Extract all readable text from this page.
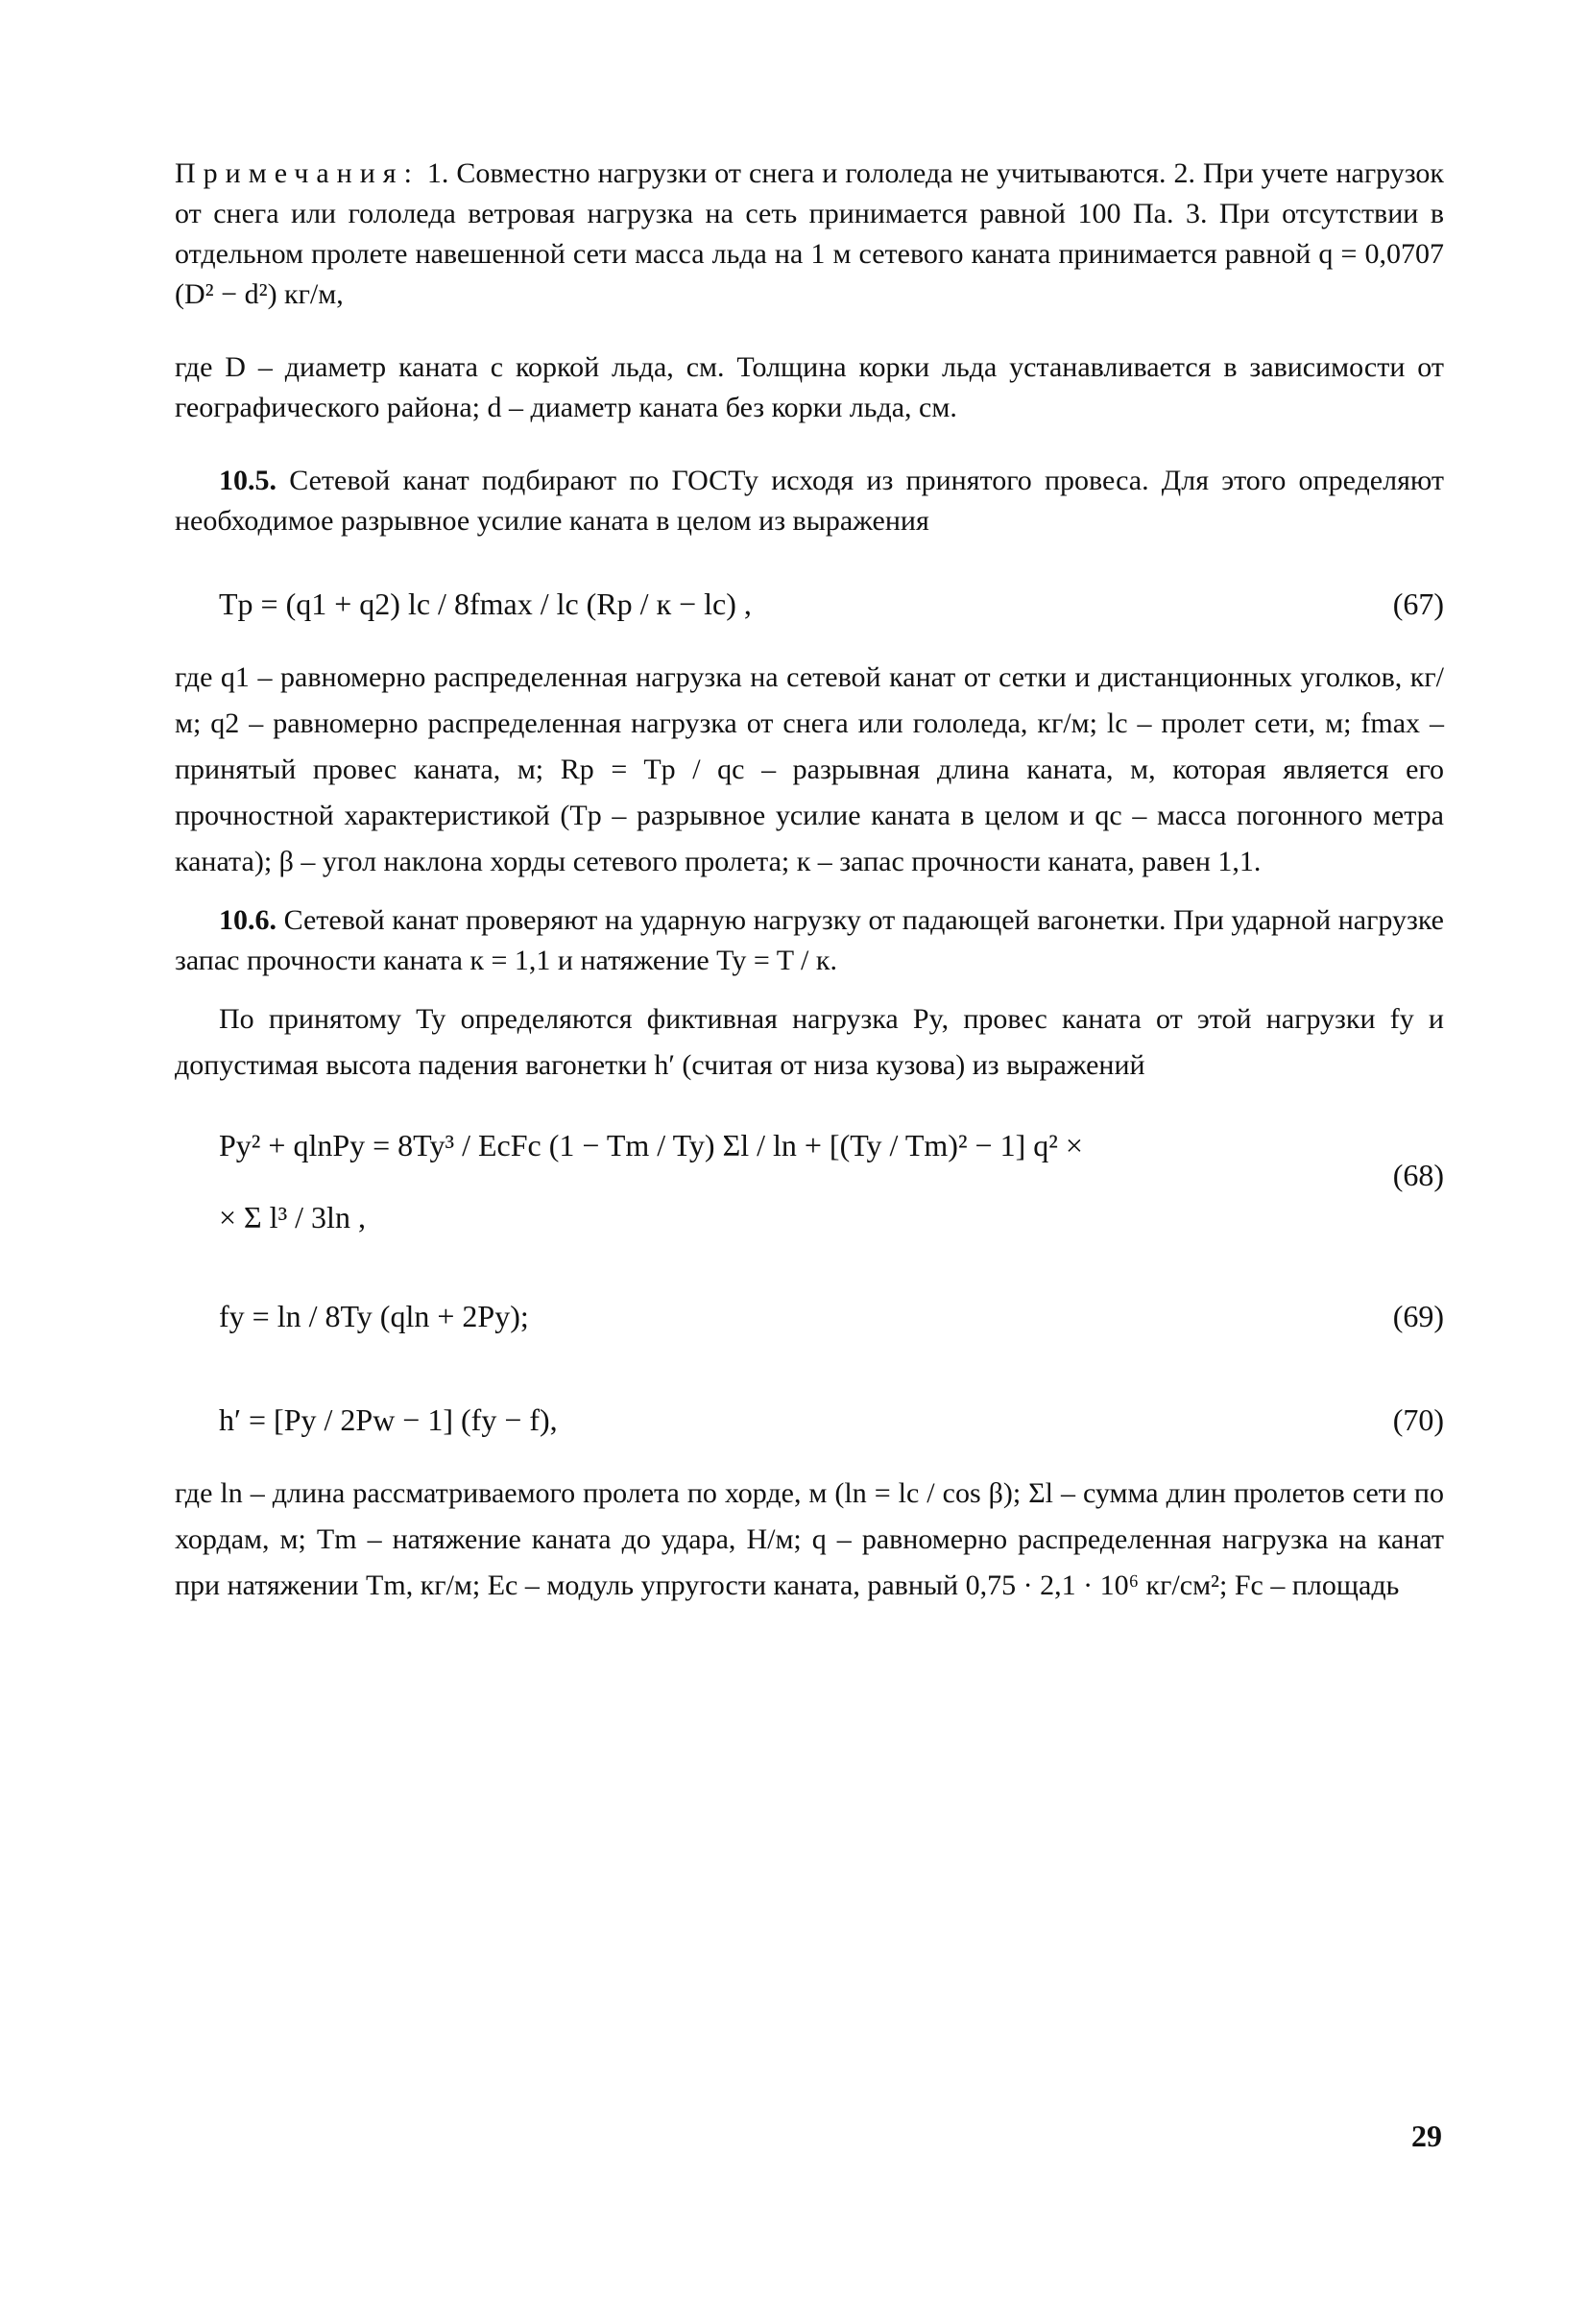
Примечания: 1. Совместно нагрузки от снега и гололеда не учитываются. 2. При учете нагрузок от снега или гололеда ветровая нагрузка на сеть принимается равной 100 Па. 3. При отсутствии в отдельном пролете навешенной сети масса льда на 1 м сетевого каната принимается равной q = 0,0707 (D² − d²) кг/м,

где D – диаметр каната с коркой льда, см. Толщина корки льда устанавливается в зависимости от географического района; d – диаметр каната без корки льда, см.

10.5. Сетевой канат подбирают по ГОСТу исходя из принятого провеса. Для этого определяют необходимое разрывное усилие каната в целом из выражения

Tp = (q1 + q2) lc / 8fmax / lc (Rp / к − lc) ,	(67)

где q1 – равномерно распределенная нагрузка на сетевой канат от сетки и дистанционных уголков, кг/м; q2 – равномерно распределенная нагрузка от снега или гололеда, кг/м; lc – пролет сети, м; fmax – принятый провес каната, м; Rp = Tp / qc – разрывная длина каната, м, которая является его прочностной характеристикой (Tp – разрывное усилие каната в целом и qc – масса погонного метра каната); β – угол наклона хорды сетевого пролета; к – запас прочности каната, равен 1,1.

10.6. Сетевой канат проверяют на ударную нагрузку от падающей вагонетки. При ударной нагрузке запас прочности каната к = 1,1 и натяжение Ty = T / к.

По принятому Ty определяются фиктивная нагрузка Py, провес каната от этой нагрузки fy и допустимая высота падения вагонетки h′ (считая от низа кузова) из выражений

Py² + qlnPy = 8Ty³ / EcFc (1 − Tm / Ty) Σl / ln + [(Ty / Tm)² − 1] q² ×
× Σ l³ / 3ln ,
(68)
fy = ln / 8Ty (qln + 2Py);	(69)
h′ = [Py / 2Pw − 1] (fy − f),	(70)

где ln – длина рассматриваемого пролета по хорде, м (ln = lc / cos β); Σl – сумма длин пролетов сети по хордам, м; Tm – натяжение каната до удара, Н/м; q – равномерно распределенная нагрузка на канат при натяжении Tm, кг/м; Ec – модуль упругости каната, равный 0,75 · 2,1 · 10⁶ кг/см²; Fc – площадь

29
